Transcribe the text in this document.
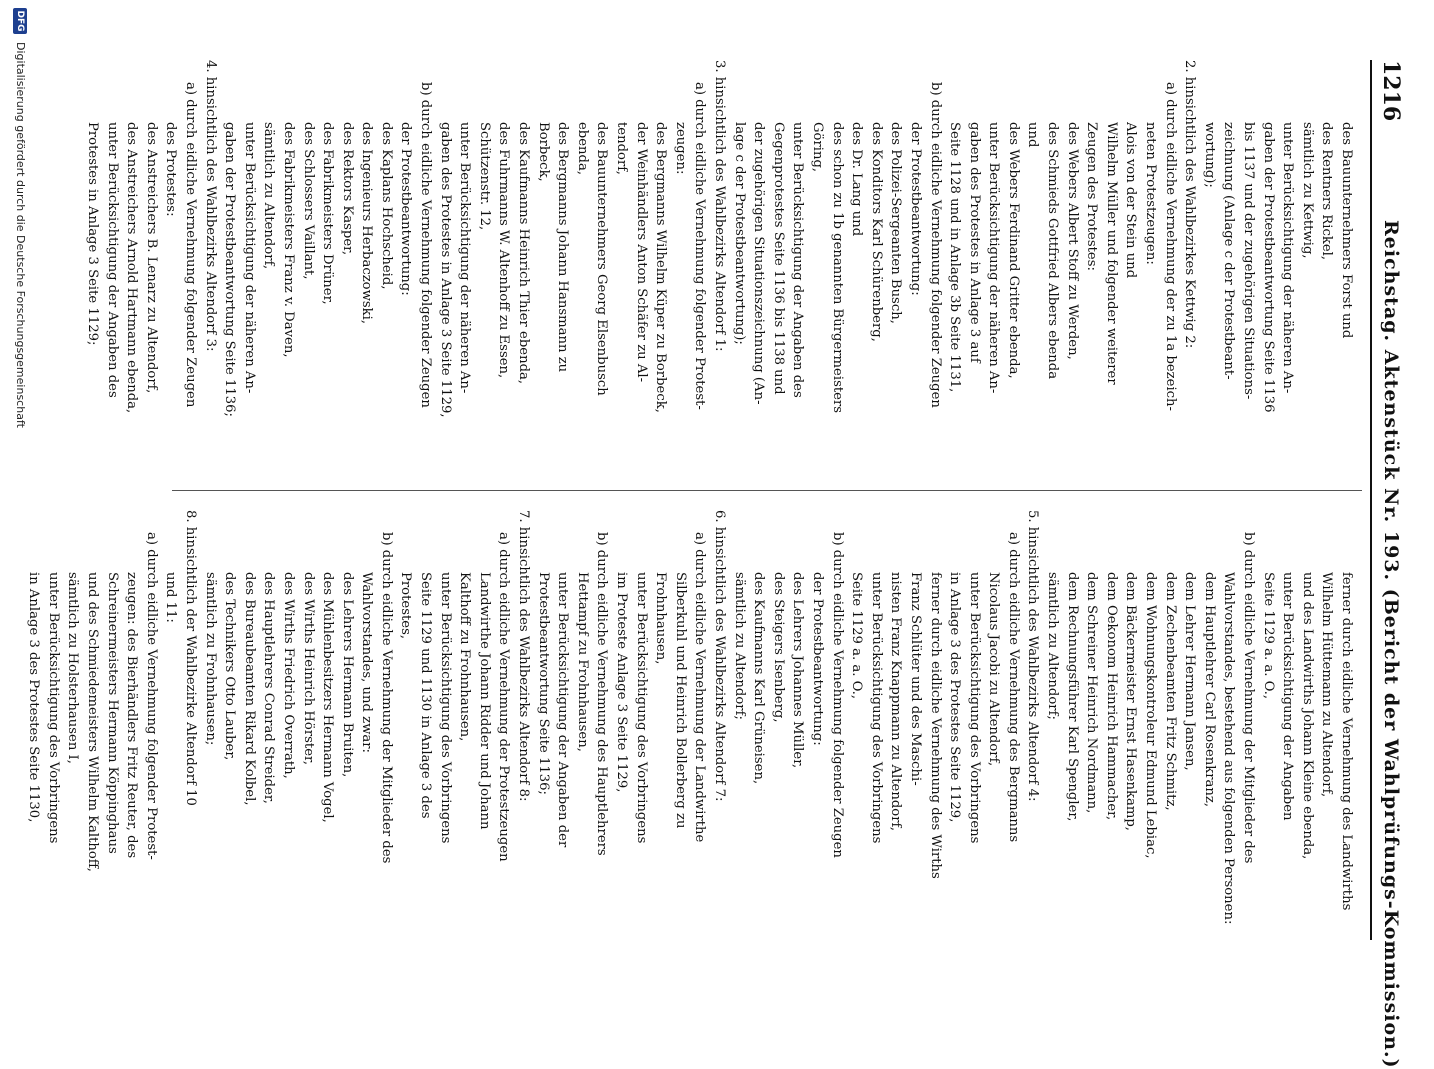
1216
Reichstag. Aktenstück Nr. 193. (Bericht der Wahlprüfungs-Kommission.)
des Bauunternehmers Forst und
des Rentners Rickel,
sämtlich zu Kettwig,
unter Berücksichtigung der näheren An-
gaben der Protestbeantwortung Seite 1136
bis 1137 und der zugehörigen Situations-
zeichnung (Anlage c der Protestbeant-
wortung);
2. hinsichtlich des Wahlbezirkes Kettwig 2:
a) durch eidliche Vernehmung der zu 1a bezeich-
neten Protestzeugen:
Alois von der Stein und
Wilhelm Müller und folgender weiterer
Zeugen des Protestes:
des Webers Albert Stoff zu Werden,
des Schmieds Gottfried Albers ebenda
und
des Webers Ferdinand Gritter ebenda,
unter Berücksichtigung der näheren An-
gaben des Protestes in Anlage 3 auf
Seite 1128 und in Anlage 3b Seite 1131,
b) durch eidliche Vernehmung folgender Zeugen
der Protestbeantwortung:
des Polizei-Sergeanten Busch,
des Konditors Karl Schürenberg,
des Dr. Lang und
des schon zu 1b genannten Bürgermeisters
Göring,
unter Berücksichtigung der Angaben des
Gegenprotestes Seite 1136 bis 1138 und
der zugehörigen Situationszeichnung (An-
lage c der Protestbeantwortung);
3. hinsichtlich des Wahlbezirks Altendorf 1:
a) durch eidliche Vernehmung folgender Protest-
zeugen:
des Bergmanns Wilhelm Küper zu Borbeck,
der Weinhändlers Anton Schäfer zu Al-
tendorf,
des Bauunternehmers Georg Elsenbusch
ebenda,
des Bergmanns Johann Hansmann zu
Borbeck,
des Kaufmanns Heinrich Thier ebenda,
des Fuhrmanns W. Altenhoff zu Essen,
Schützenstr. 12,
unter Berücksichtigung der näheren An-
gaben des Protestes in Anlage 3 Seite 1129,
b) durch eidliche Vernehmung folgender Zeugen
der Protestbeantwortung:
des Kaplans Hochscheid,
des Ingenieurs Herbaczowski,
des Rektors Kasper,
des Fabrikmeisters Drüner,
des Schlossers Vaillant,
des Fabrikmeisters Franz v. Daven,
sämtlich zu Altendorf,
unter Berücksichtigung der näheren An-
gaben der Protestbeantwortung Seite 1136;
4. hinsichtlich des Wahlbezirks Altendorf 3:
a) durch eidliche Vernehmung folgender Zeugen
des Protestes:
des Anstreichers B. Lenarz zu Altendorf,
des Anstreichers Arnold Hartmann ebenda,
unter Berücksichtigung der Angaben des
Protestes in Anlage 3 Seite 1129;
ferner durch eidliche Vernehmung des Landwirths
Wilhelm Hüttemann zu Altendorf,
und des Landwirths Johann Kleine ebenda,
unter Berücksichtigung der Angaben
Seite 1129 a. a. O.,
b) durch eidliche Vernehmung der Mitglieder des
Wahlvorstandes, bestehend aus folgenden Personen:
dem Hauptlehrer Carl Rosenkranz,
dem Lehrer Hermann Jansen,
dem Zechenbeamten Fritz Schmitz,
dem Wohnungskontroleur Edmund Lebiac,
dem Bäckermeister Ernst Hasenkamp,
dem Oekonom Heinrich Hammacher,
dem Schreiner Heinrich Nordmann,
dem Rechnungsführer Karl Spengler,
sämtlich zu Altendorf;
5. hinsichtlich des Wahlbezirks Altendorf 4:
a) durch eidliche Vernehmung des Bergmanns
Nicolaus Jacobi zu Altendorf,
unter Berücksichtigung des Vorbringens
in Anlage 3 des Protestes Seite 1129,
ferner durch eidliche Vernehmung des Wirths
Franz Schlüter und des Maschi-
nisten Franz Knappmann zu Altendorf,
unter Berücksichtigung des Vorbringens
Seite 1129 a. a. O.,
b) durch eidliche Vernehmung folgender Zeugen
der Protestbeantwortung:
des Lehrers Johannes Müller,
des Steigers Isenberg,
des Kaufmanns Karl Grüneisen,
sämtlich zu Altendorf;
6. hinsichtlich des Wahlbezirks Altendorf 7:
a) durch eidliche Vernehmung der Landwirthe
Silberkuhl und Heinrich Bollerberg zu
Frohnhausen,
unter Berücksichtigung des Vorbringens
im Proteste Anlage 3 Seite 1129,
b) durch eidliche Vernehmung des Hauptlehrers
Hettampf zu Frohnhausen,
unter Berücksichtigung der Angaben der
Protestbeantwortung Seite 1136;
7. hinsichtlich des Wahlbezirks Altendorf 8:
a) durch eidliche Vernehmung der Protestzeugen
Landwirthe Johann Ridder und Johann
Kalthoff zu Frohnhausen,
unter Berücksichtigung des Vorbringens
Seite 1129 und 1130 in Anlage 3 des
Protestes,
b) durch eidliche Vernehmung der Mitglieder des
Wahlvorstandes, und zwar:
des Lehrers Hermann Bruiten,
des Mühlenbesitzers Hermann Vogel,
des Wirths Heinrich Hörster,
des Wirths Friedrich Overrath,
des Hauptlehrers Conrad Streider,
des Bureaubeamten Rikard Kolbel,
des Technikers Otto Lauber,
sämtlich zu Frohnhausen;
8. hinsichtlich der Wahlbezirke Altendorf 10
und 11:
a) durch eidliche Vernehmung folgender Protest-
zeugen: des Bierhändlers Fritz Reuter, des
Schreinermeisters Hermann Köppinghaus
und des Schmiedemeisters Wilhelm Kalthoff,
sämtlich zu Holsterhausen I,
unter Berücksichtigung des Vorbringens
in Anlage 3 des Protestes Seite 1130,
DFG
Digitalisierung gefördert durch die Deutsche Forschungsgemeinschaft
